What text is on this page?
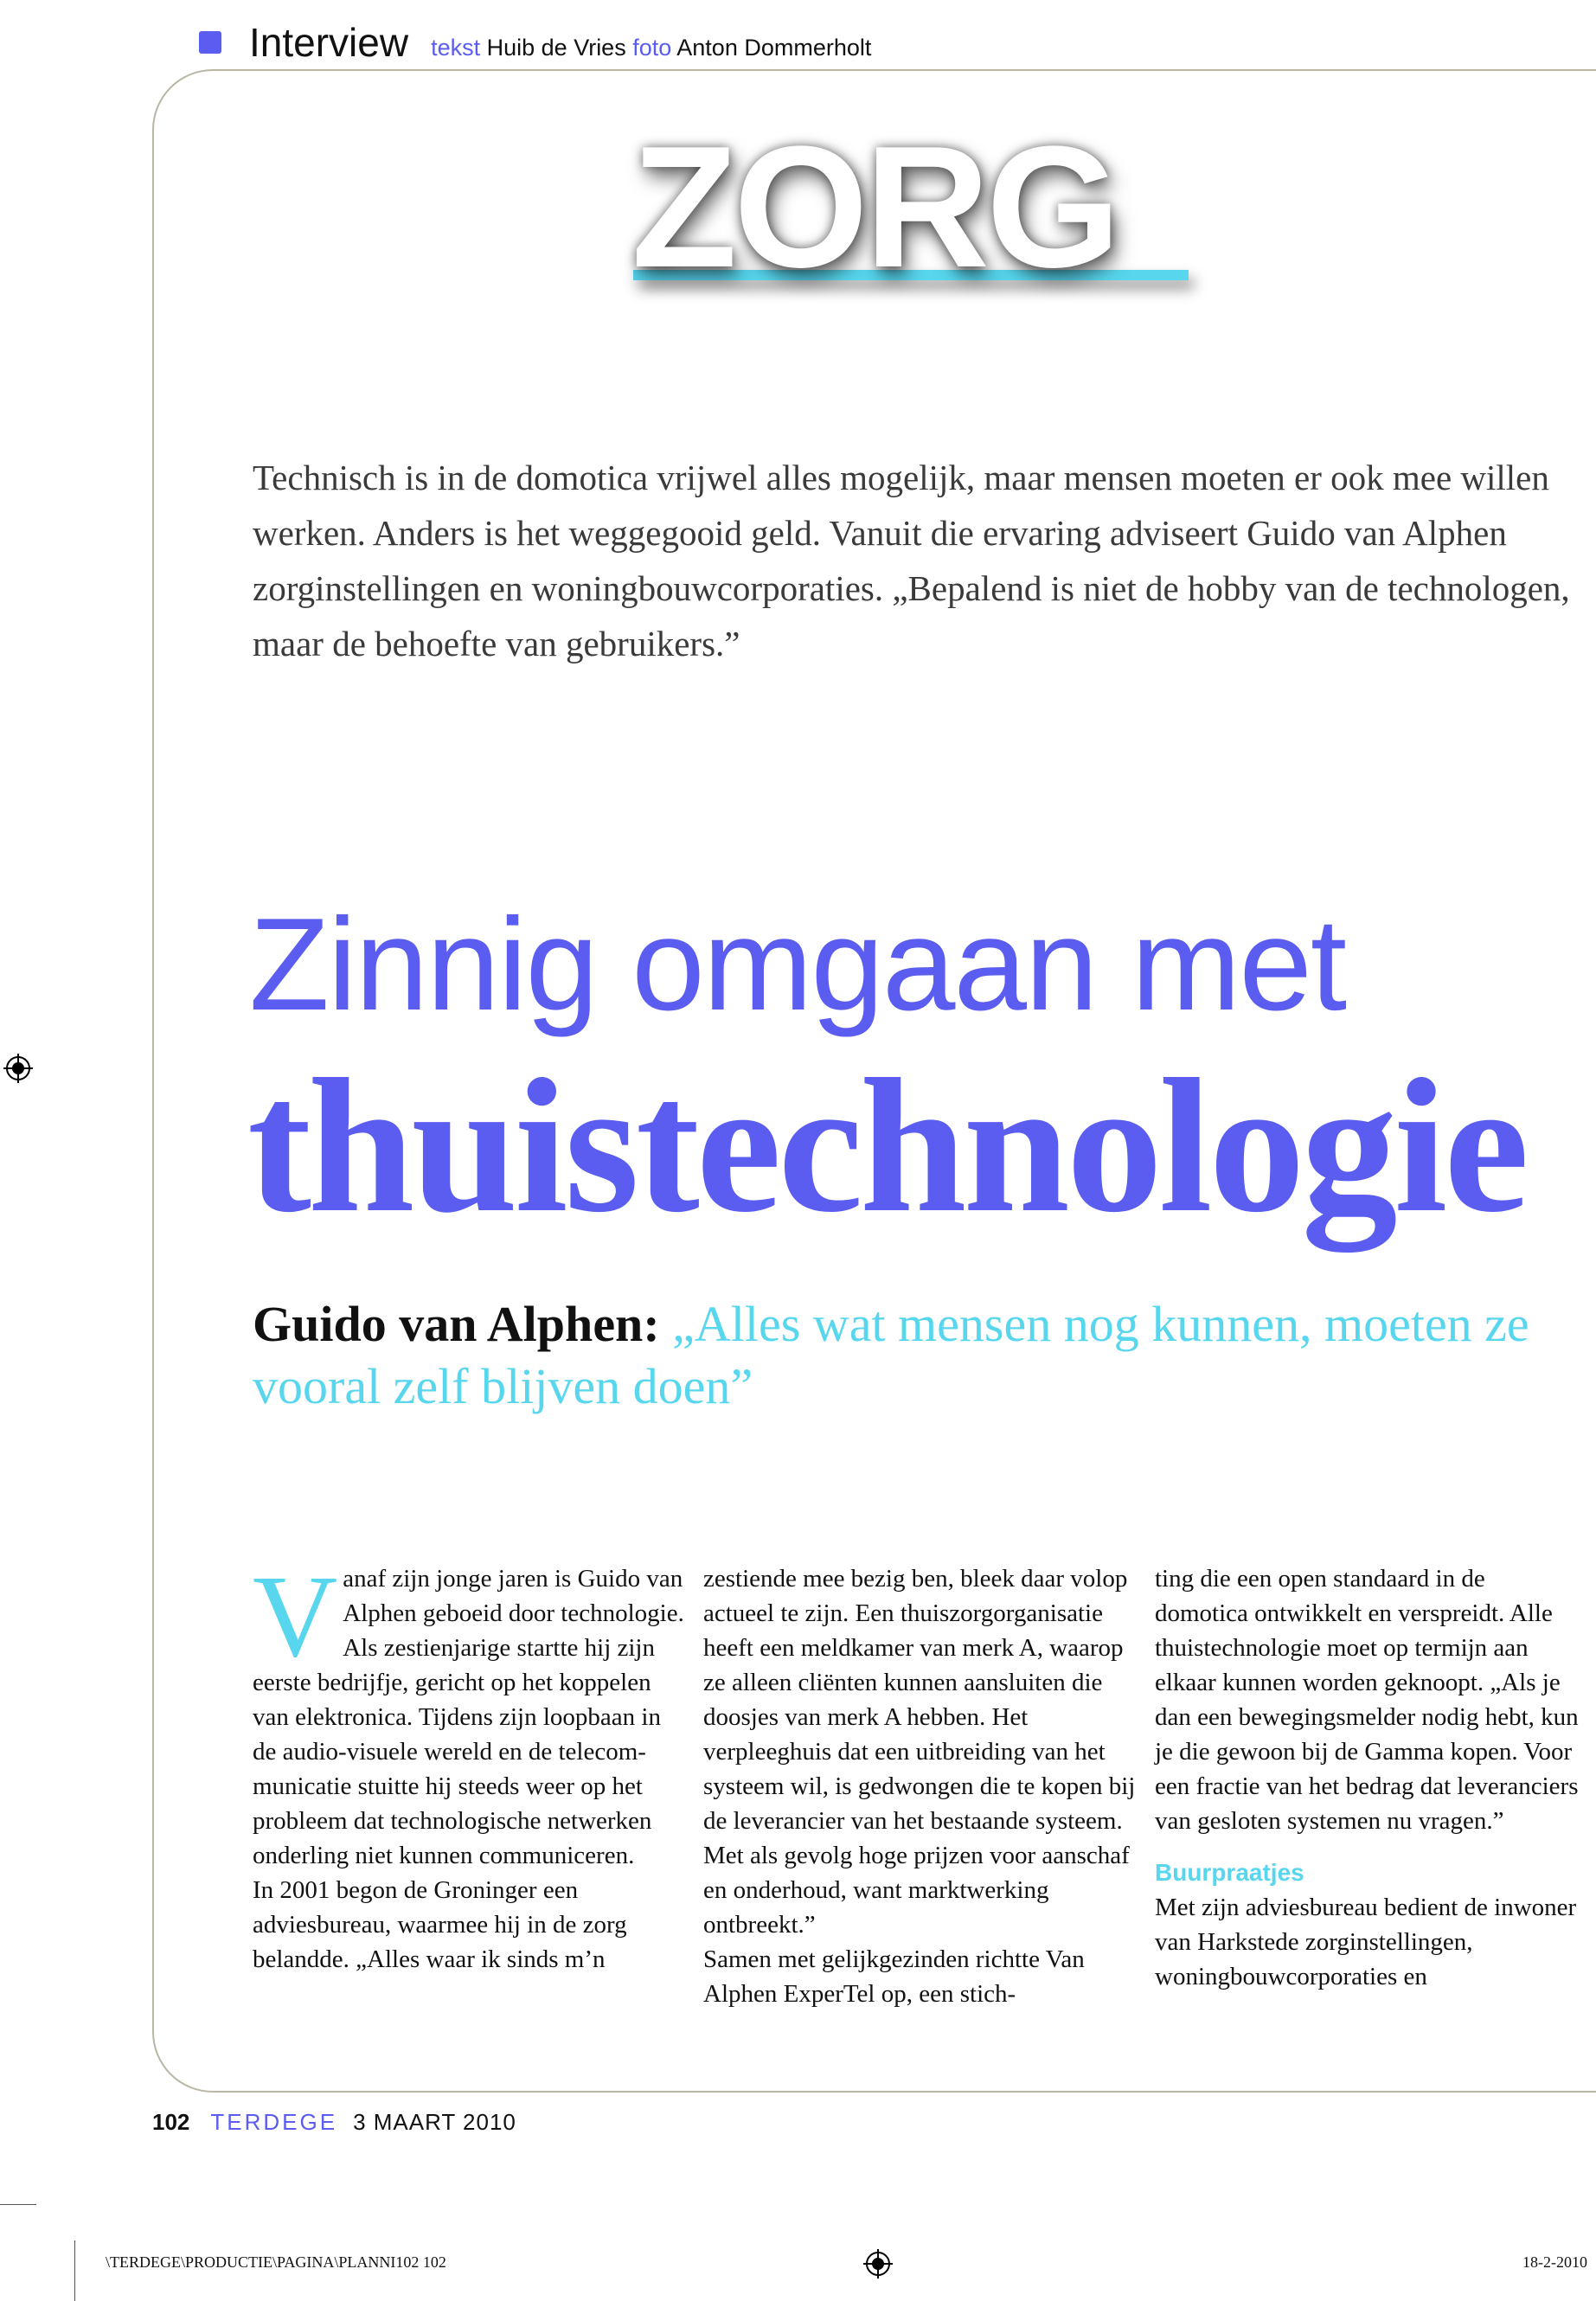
Interview tekst Huib de Vries foto Anton Dommerholt
ZORG
Technisch is in de domotica vrijwel alles mogelijk, maar mensen moeten er ook mee willen werken. Anders is het weggegooid geld. Vanuit die ervaring adviseert Guido van Alphen zorginstellingen en woningbouwcorporaties. „Bepalend is niet de hobby van de technologen, maar de behoefte van gebruikers.”
Zinnig omgaan met
thuistechnologie
Guido van Alphen: „Alles wat mensen nog kunnen, moeten ze vooral zelf blijven doen”
V anaf zijn jonge jaren is Guido van Alphen geboeid door technologie. Als zestienjarige startte hij zijn eerste bedrijfje, gericht op het koppelen van elektronica. Tijdens zijn loopbaan in de audio-visuele wereld en de telecommunicatie stuitte hij steeds weer op het probleem dat technologische netwerken onderling niet kunnen communiceren.

In 2001 begon de Groninger een adviesbureau, waarmee hij in de zorg belandde. „Alles waar ik sinds m’n

zestiende mee bezig ben, bleek daar volop actueel te zijn. Een thuiszorgorganisatie heeft een meldkamer van merk A, waarop ze alleen cliënten kunnen aansluiten die doosjes van merk A hebben. Het verpleeghuis dat een uitbreiding van het systeem wil, is gedwongen die te kopen bij de leverancier van het bestaande systeem. Met als gevolg hoge prijzen voor aanschaf en onderhoud, want marktwerking ontbreekt.”

Samen met gelijkgezinden richtte Van Alphen ExperTel op, een stich-

ting die een open standaard in de domotica ontwikkelt en verspreidt. Alle thuistechnologie moet op termijn aan elkaar kunnen worden geknoopt. „Als je dan een bewegingsmelder nodig hebt, kun je die gewoon bij de Gamma kopen. Voor een fractie van het bedrag dat leveranciers van gesloten systemen nu vragen.”

Buurpraatjes

Met zijn adviesbureau bedient de inwoner van Harkstede zorginstellingen, woningbouwcorporaties en

102 TERDEGE 3 MAART 2010
\TERDEGE\PRODUCTIE\PAGINA\PLANNI102 102	18-2-2010
